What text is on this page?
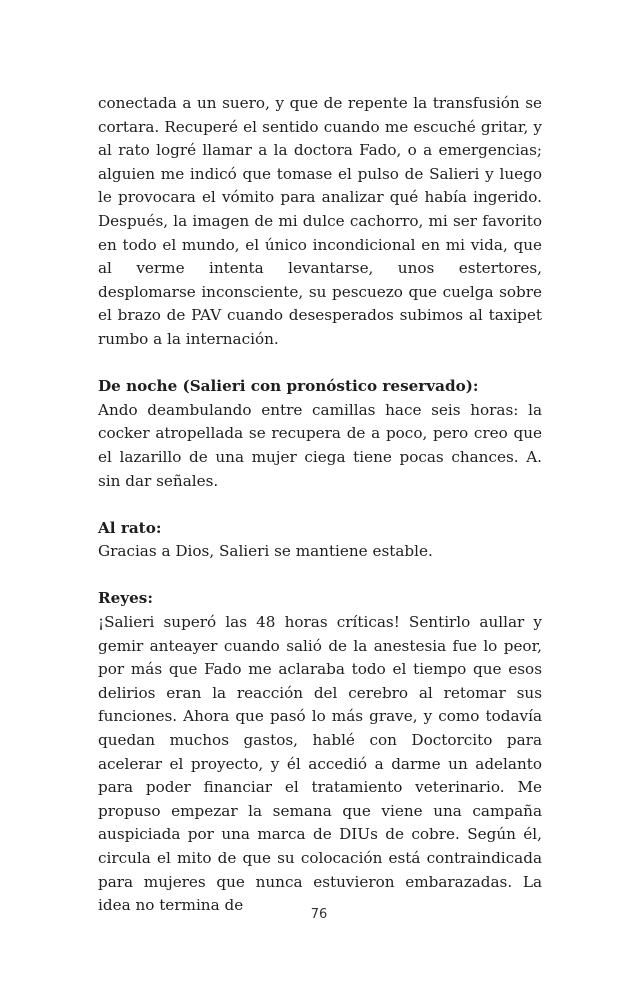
conectada a un suero, y que de repente la transfusión se cortara. Recuperé el sentido cuando me escuché gritar, y al rato logré llamar a la doctora Fado, o a emergencias; alguien me indicó que tomase el pulso de Salieri y luego le provocara el vómito para analizar qué había ingerido. Después, la imagen de mi dulce cachorro, mi ser favorito en todo el mundo, el único incondicional en mi vida, que al verme intenta levantarse, unos estertores, desplomarse inconsciente, su pescuezo que cuelga sobre el brazo de PAV cuando desesperados subimos al taxipet rumbo a la internación.

De noche (Salieri con pronóstico reservado):
Ando deambulando entre camillas hace seis horas: la cocker atropellada se recupera de a poco, pero creo que el lazarillo de una mujer ciega tiene pocas chances. A. sin dar señales.

Al rato:
Gracias a Dios, Salieri se mantiene estable.

Reyes:
¡Salieri superó las 48 horas críticas! Sentirlo aullar y gemir anteayer cuando salió de la anestesia fue lo peor, por más que Fado me aclaraba todo el tiempo que esos delirios eran la reacción del cerebro al retomar sus funciones. Ahora que pasó lo más grave, y como todavía quedan muchos gastos, hablé con Doctorcito para acelerar el proyecto, y él accedió a darme un adelanto para poder financiar el tratamiento veterinario. Me propuso empezar la semana que viene una campaña auspiciada por una marca de DIUs de cobre. Según él, circula el mito de que su colocación está contraindicada para mujeres que nunca estuvieron embarazadas. La idea no termina de

76
